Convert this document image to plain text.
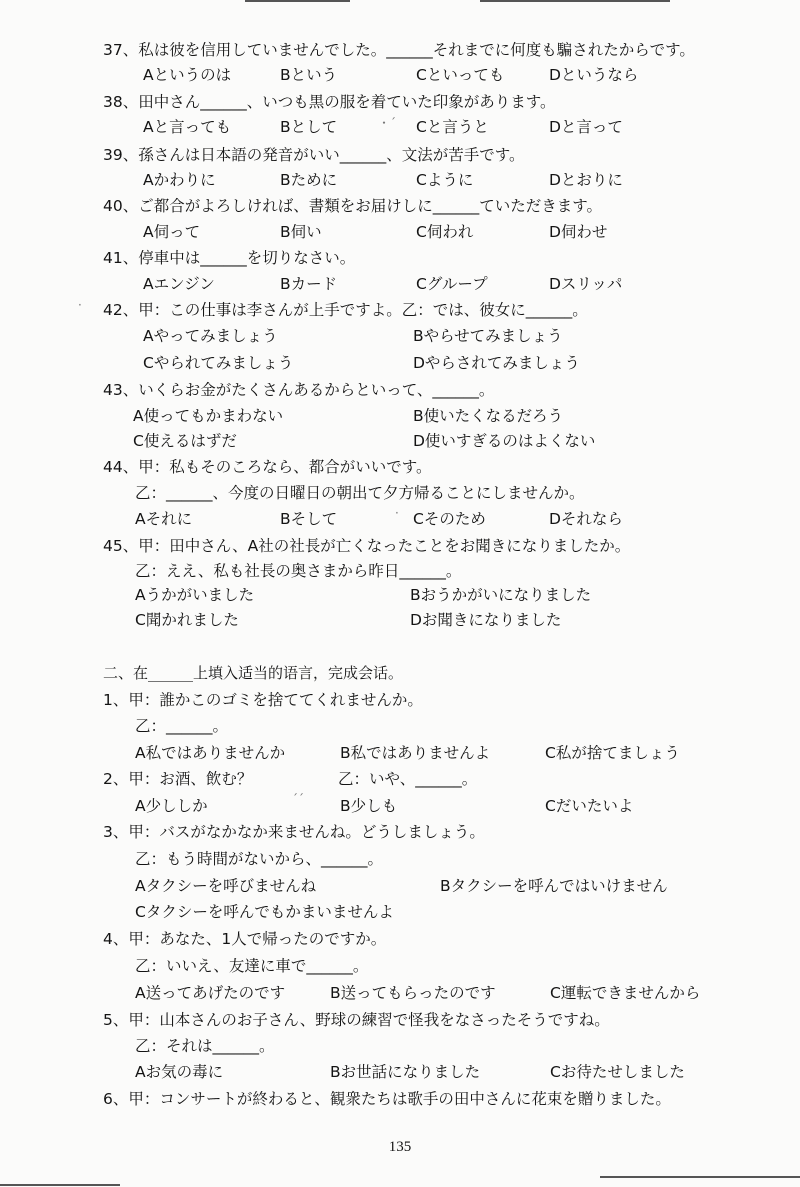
37、私は彼を信用していませんでした。______それまでに何度も騙されたからです。
Aというのは	Bという	Cといっても	Dというなら
38、田中さん______、いつも黒の服を着ていた印象があります。
Aと言っても	Bとして	Cと言うと	Dと言って
39、孫さんは日本語の発音がいい______、文法が苦手です。
Aかわりに	Bために	Cように	Dとおりに
40、ご都合がよろしければ、書類をお届けしに______ていただきます。
A伺って	B伺い	C伺われ	D伺わせ
41、停車中は______を切りなさい。
Aエンジン	Bカード	Cグループ	Dスリッパ
42、甲：この仕事は李さんが上手ですよ。乙：では、彼女に______。
Aやってみましょう	Bやらせてみましょう
Cやられてみましょう	Dやらされてみましょう
43、いくらお金がたくさんあるからといって、______。
A使ってもかまわない	B使いたくなるだろう
C使えるはずだ	D使いすぎるのはよくない
44、甲：私もそのころなら、都合がいいです。
乙：______、今度の日曜日の朝出て夕方帰ることにしませんか。
Aそれに	Bそして	Cそのため	Dそれなら
45、甲：田中さん、A社の社長が亡くなったことをお聞きになりましたか。
乙：ええ、私も社長の奥さまから昨日______。
Aうかがいました	Bおうかがいになりました
C聞かれました	Dお聞きになりました
二、在______上填入适当的语言，完成会话。
1、甲：誰かこのゴミを捨ててくれませんか。
乙：______。
A私ではありませんか	B私ではありませんよ	C私が捨てましょう
2、甲：お酒、飲む？	乙：いや、______。
A少ししか	B少しも	Cだいたいよ
3、甲：バスがなかなか来ませんね。どうしましょう。
乙：もう時間がないから、______。
Aタクシーを呼びませんね	Bタクシーを呼んではいけません
Cタクシーを呼んでもかまいませんよ
4、甲：あなた、1人で帰ったのですか。
乙：いいえ、友達に車で______。
A送ってあげたのです	B送ってもらったのです	C運転できませんから
5、甲：山本さんのお子さん、野球の練習で怪我をなさったそうですね。
乙：それは______。
Aお気の毒に	Bお世話になりました	Cお待たせしました
6、甲：コンサートが終わると、観衆たちは歌手の田中さんに花束を贈りました。
135
・´
·
·
´´
